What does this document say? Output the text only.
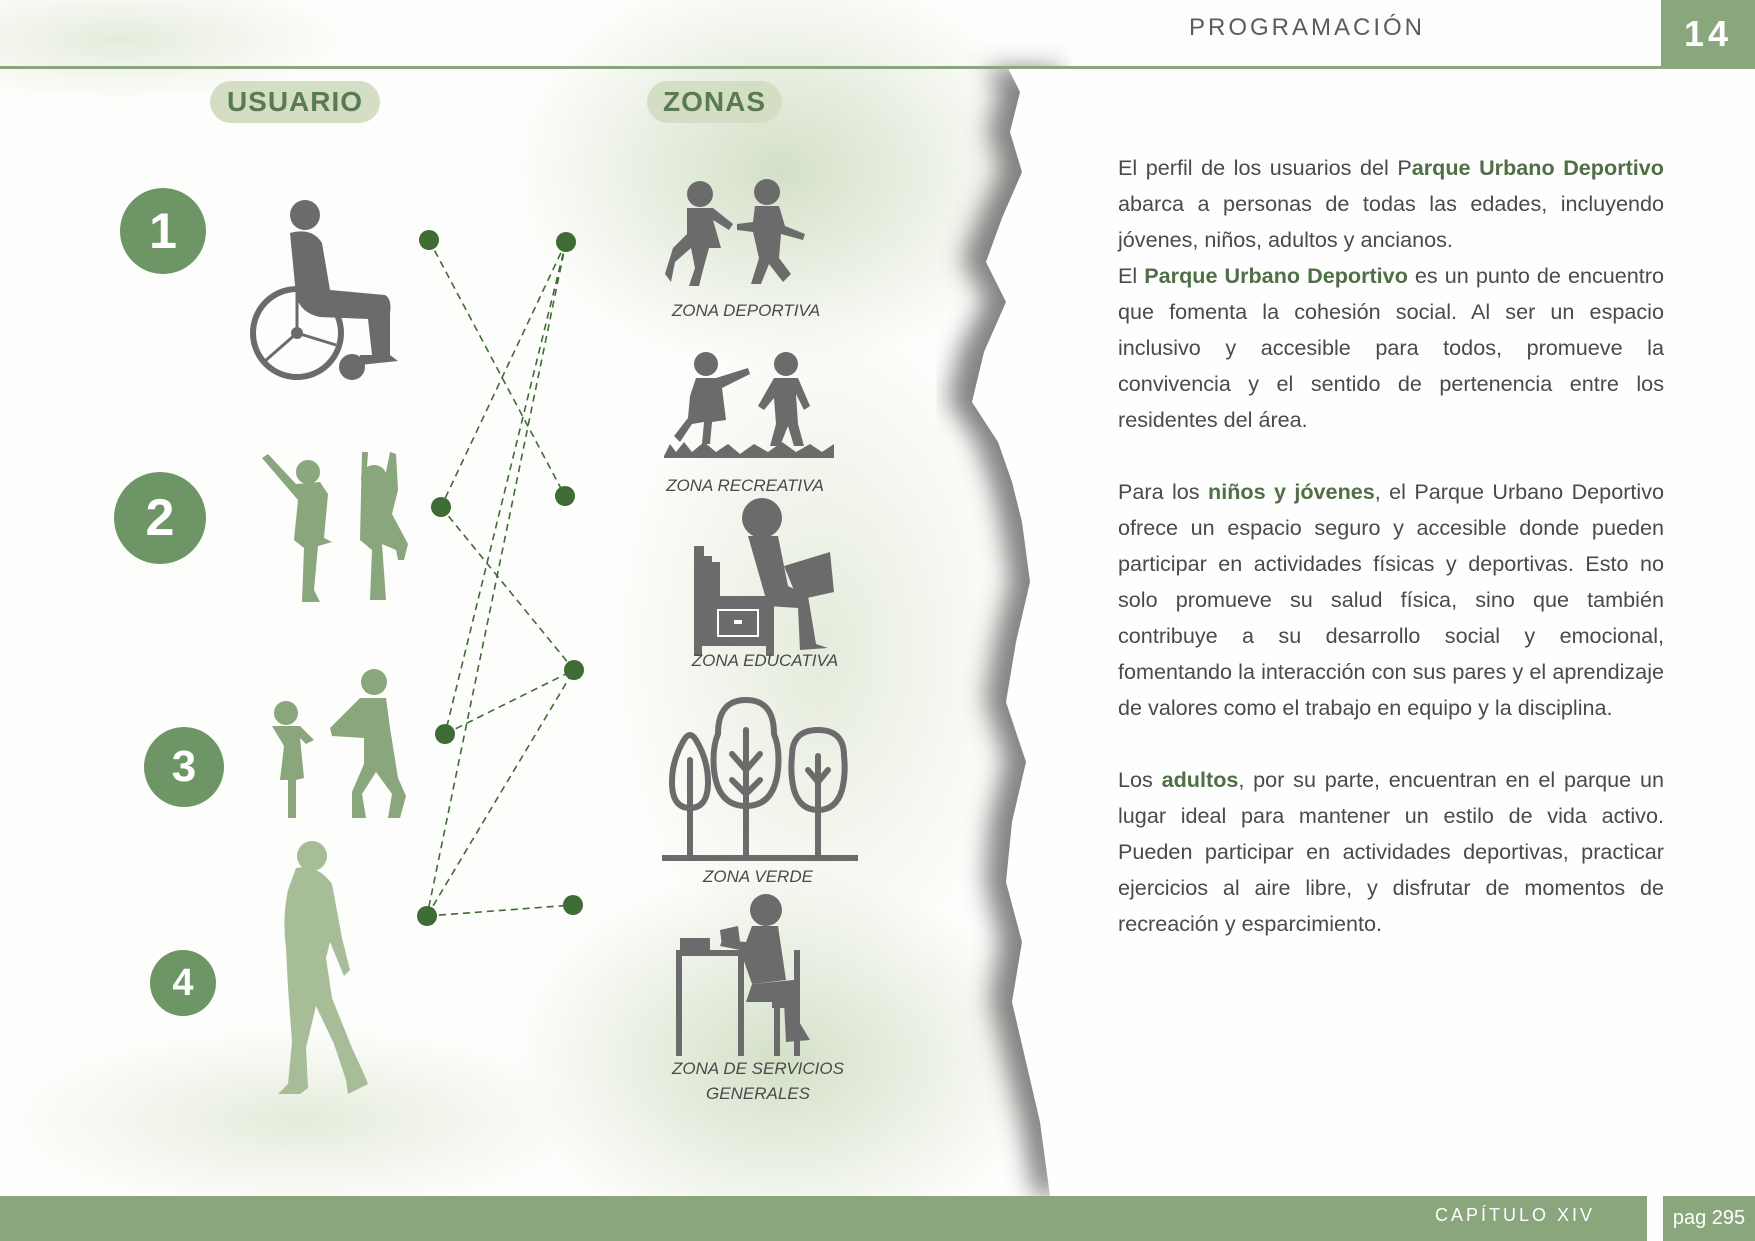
PROGRAMACIÓN	14
USUARIO	ZONAS
1
2
3
4
ZONA DEPORTIVA
ZONA RECREATIVA
ZONA EDUCATIVA
ZONA VERDE
ZONA DE SERVICIOS
GENERALES

El perfil de los usuarios del Parque Urbano Deportivo abarca a personas de todas las edades, incluyendo jóvenes, niños, adultos y ancianos.

El Parque Urbano Deportivo es un punto de encuentro que fomenta la cohesión social. Al ser un espacio inclusivo y accesible para todos, promueve la convivencia y el sentido de pertenencia entre los residentes del área.

Para los niños y jóvenes, el Parque Urbano Deportivo ofrece un espacio seguro y accesible donde pueden participar en actividades físicas y deportivas. Esto no solo promueve su salud física, sino que también contribuye a su desarrollo social y emocional, fomentando la interacción con sus pares y el aprendizaje de valores como el trabajo en equipo y la disciplina.

Los adultos, por su parte, encuentran en el parque un lugar ideal para mantener un estilo de vida activo. Pueden participar en actividades deportivas, practicar ejercicios al aire libre, y disfrutar de momentos de recreación y esparcimiento.

CAPÍTULO XIV	pag 295
